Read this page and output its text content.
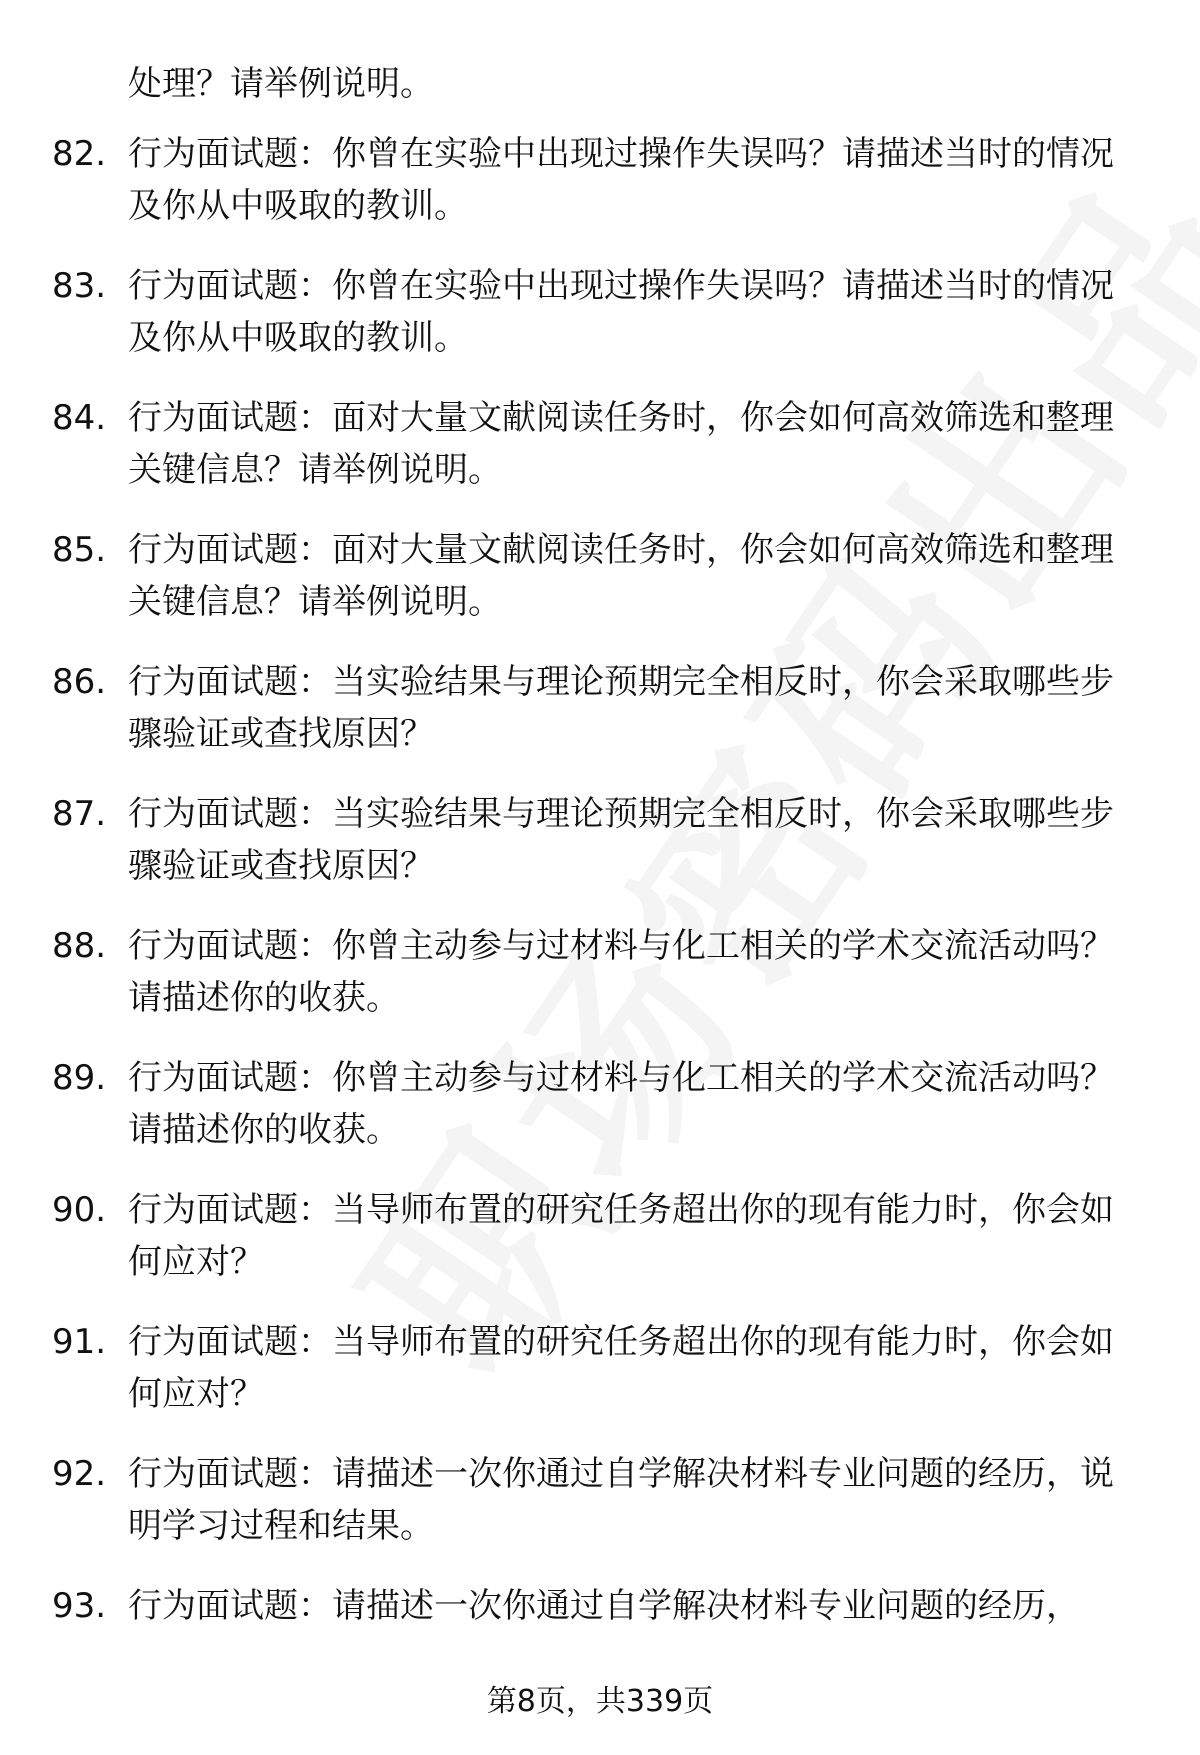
处理？请举例说明。
82. 行为面试题：你曾在实验中出现过操作失误吗？请描述当时的情况及你从中吸取的教训。
83. 行为面试题：你曾在实验中出现过操作失误吗？请描述当时的情况及你从中吸取的教训。
84. 行为面试题：面对大量文献阅读任务时，你会如何高效筛选和整理关键信息？请举例说明。
85. 行为面试题：面对大量文献阅读任务时，你会如何高效筛选和整理关键信息？请举例说明。
86. 行为面试题：当实验结果与理论预期完全相反时，你会采取哪些步骤验证或查找原因？
87. 行为面试题：当实验结果与理论预期完全相反时，你会采取哪些步骤验证或查找原因？
88. 行为面试题：你曾主动参与过材料与化工相关的学术交流活动吗？请描述你的收获。
89. 行为面试题：你曾主动参与过材料与化工相关的学术交流活动吗？请描述你的收获。
90. 行为面试题：当导师布置的研究任务超出你的现有能力时，你会如何应对？
91. 行为面试题：当导师布置的研究任务超出你的现有能力时，你会如何应对？
92. 行为面试题：请描述一次你通过自学解决材料专业问题的经历，说明学习过程和结果。
93. 行为面试题：请描述一次你通过自学解决材料专业问题的经历，
第8页，共339页
